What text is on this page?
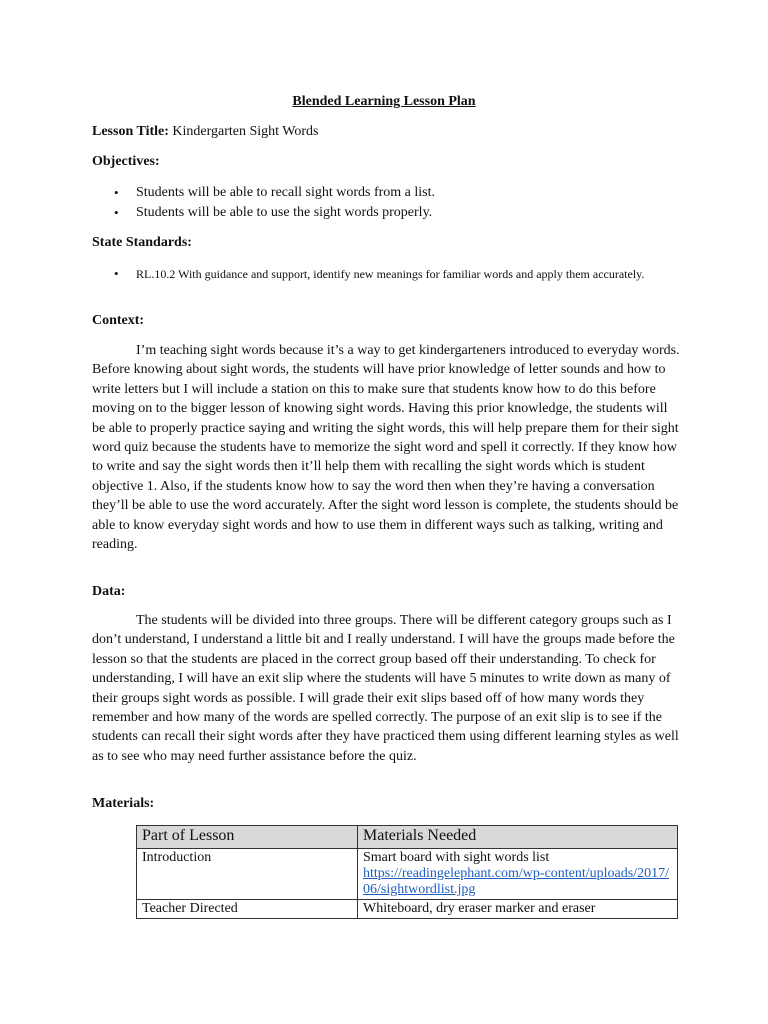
Blended Learning Lesson Plan
Lesson Title: Kindergarten Sight Words
Objectives:
• Students will be able to recall sight words from a list.
• Students will be able to use the sight words properly.
State Standards:
• RL.10.2 With guidance and support, identify new meanings for familiar words and apply them accurately.
Context:

I’m teaching sight words because it’s a way to get kindergarteners introduced to everyday words. Before knowing about sight words, the students will have prior knowledge of letter sounds and how to write letters but I will include a station on this to make sure that students know how to do this before moving on to the bigger lesson of knowing sight words. Having this prior knowledge, the students will be able to properly practice saying and writing the sight words, this will help prepare them for their sight word quiz because the students have to memorize the sight word and spell it correctly. If they know how to write and say the sight words then it’ll help them with recalling the sight words which is student objective 1. Also, if the students know how to say the word then when they’re having a conversation they’ll be able to use the word accurately. After the sight word lesson is complete, the students should be able to know everyday sight words and how to use them in different ways such as talking, writing and reading.

Data:

The students will be divided into three groups. There will be different category groups such as I don’t understand, I understand a little bit and I really understand. I will have the groups made before the lesson so that the students are placed in the correct group based off their understanding. To check for understanding, I will have an exit slip where the students will have 5 minutes to write down as many of their groups sight words as possible. I will grade their exit slips based off of how many words they remember and how many of the words are spelled correctly. The purpose of an exit slip is to see if the students can recall their sight words after they have practiced them using different learning styles as well as to see who may need further assistance before the quiz.

Materials:
Part of Lesson	Materials Needed
Introduction	Smart board with sight words list
https://readingelephant.com/wp-content/uploads/2017/06/sightwordlist.jpg
Teacher Directed	Whiteboard, dry eraser marker and eraser
